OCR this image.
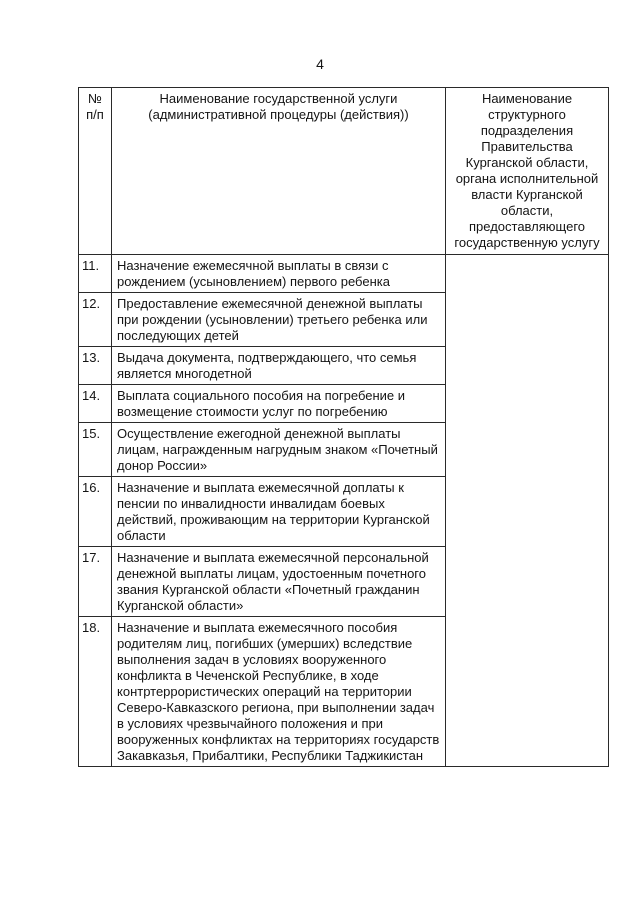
4
№ п/п	Наименование государственной услуги (административной процедуры (действия))	Наименование структурного подразделения Правительства Курганской области, органа исполнительной власти Курганской области, предоставляющего государственную услугу
11.	Назначение ежемесячной выплаты в связи с рождением (усыновлением) первого ребенка	
12.	Предоставление ежемесячной денежной выплаты при рождении (усыновлении) третьего ребенка или последующих детей	
13.	Выдача документа, подтверждающего, что семья является многодетной	
14.	Выплата социального пособия на погребение и возмещение стоимости услуг по погребению	
15.	Осуществление ежегодной денежной выплаты лицам, награжденным нагрудным знаком «Почетный донор России»	
16.	Назначение и выплата ежемесячной доплаты к пенсии по инвалидности инвалидам боевых действий, проживающим на территории Курганской области	
17.	Назначение и выплата ежемесячной персональной денежной выплаты лицам, удостоенным почетного звания Курганской области «Почетный гражданин Курганской области»	
18.	Назначение и выплата ежемесячного пособия родителям лиц, погибших (умерших) вследствие выполнения задач в условиях вооруженного конфликта в Чеченской Республике, в ходе контртеррористических операций на территории Северо-Кавказского региона, при выполнении задач в условиях чрезвычайного положения и при вооруженных конфликтах на территориях государств Закавказья, Прибалтики, Республики Таджикистан	
